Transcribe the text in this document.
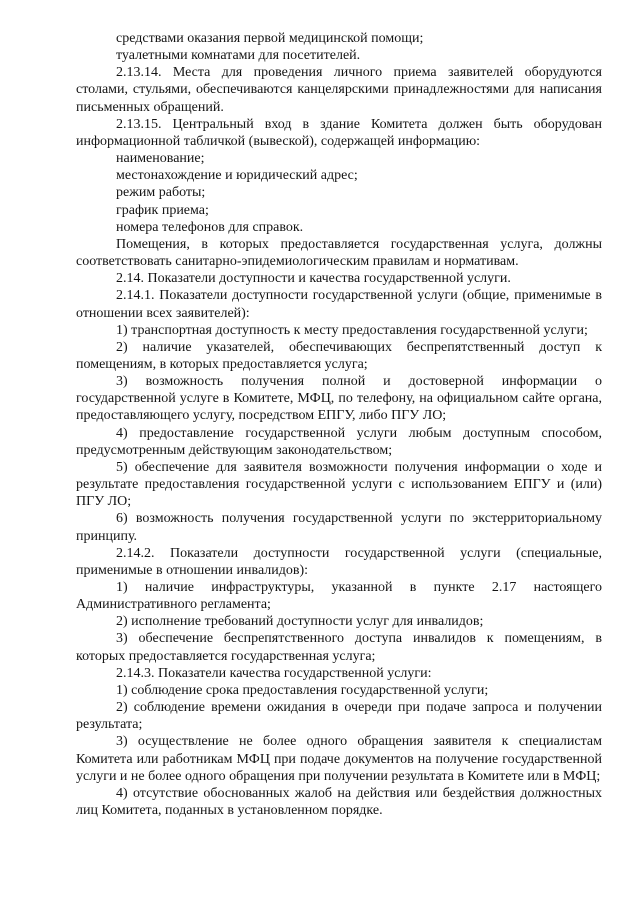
средствами оказания первой медицинской помощи;

туалетными комнатами для посетителей.

2.13.14. Места для проведения личного приема заявителей оборудуются столами, стульями, обеспечиваются канцелярскими принадлежностями для написания письменных обращений.

2.13.15. Центральный вход в здание Комитета должен быть оборудован информационной табличкой (вывеской), содержащей информацию:

наименование;

местонахождение и юридический адрес;

режим работы;

график приема;

номера телефонов для справок.

Помещения, в которых предоставляется государственная услуга, должны соответствовать санитарно-эпидемиологическим правилам и нормативам.

2.14. Показатели доступности и качества государственной услуги.

2.14.1. Показатели доступности государственной услуги (общие, применимые в отношении всех заявителей):

1) транспортная доступность к месту предоставления государственной услуги;

2) наличие указателей, обеспечивающих беспрепятственный доступ к помещениям, в которых предоставляется услуга;

3) возможность получения полной и достоверной информации о государственной услуге в Комитете, МФЦ, по телефону, на официальном сайте органа, предоставляющего услугу, посредством ЕПГУ, либо ПГУ ЛО;

4) предоставление государственной услуги любым доступным способом, предусмотренным действующим законодательством;

5) обеспечение для заявителя возможности получения информации о ходе и результате предоставления государственной услуги с использованием ЕПГУ и (или) ПГУ ЛО;

6) возможность получения государственной услуги по экстерриториальному принципу.

2.14.2. Показатели доступности государственной услуги (специальные, применимые в отношении инвалидов):

1) наличие инфраструктуры, указанной в пункте 2.17 настоящего Административного регламента;

2) исполнение требований доступности услуг для инвалидов;

3) обеспечение беспрепятственного доступа инвалидов к помещениям, в которых предоставляется государственная услуга;

2.14.3. Показатели качества государственной услуги:

1) соблюдение срока предоставления государственной услуги;

2) соблюдение времени ожидания в очереди при подаче запроса и получении результата;

3) осуществление не более одного обращения заявителя к специалистам Комитета или работникам МФЦ при подаче документов на получение государственной услуги и не более одного обращения при получении результата в Комитете или в МФЦ;

4) отсутствие обоснованных жалоб на действия или бездействия должностных лиц Комитета, поданных в установленном порядке.
